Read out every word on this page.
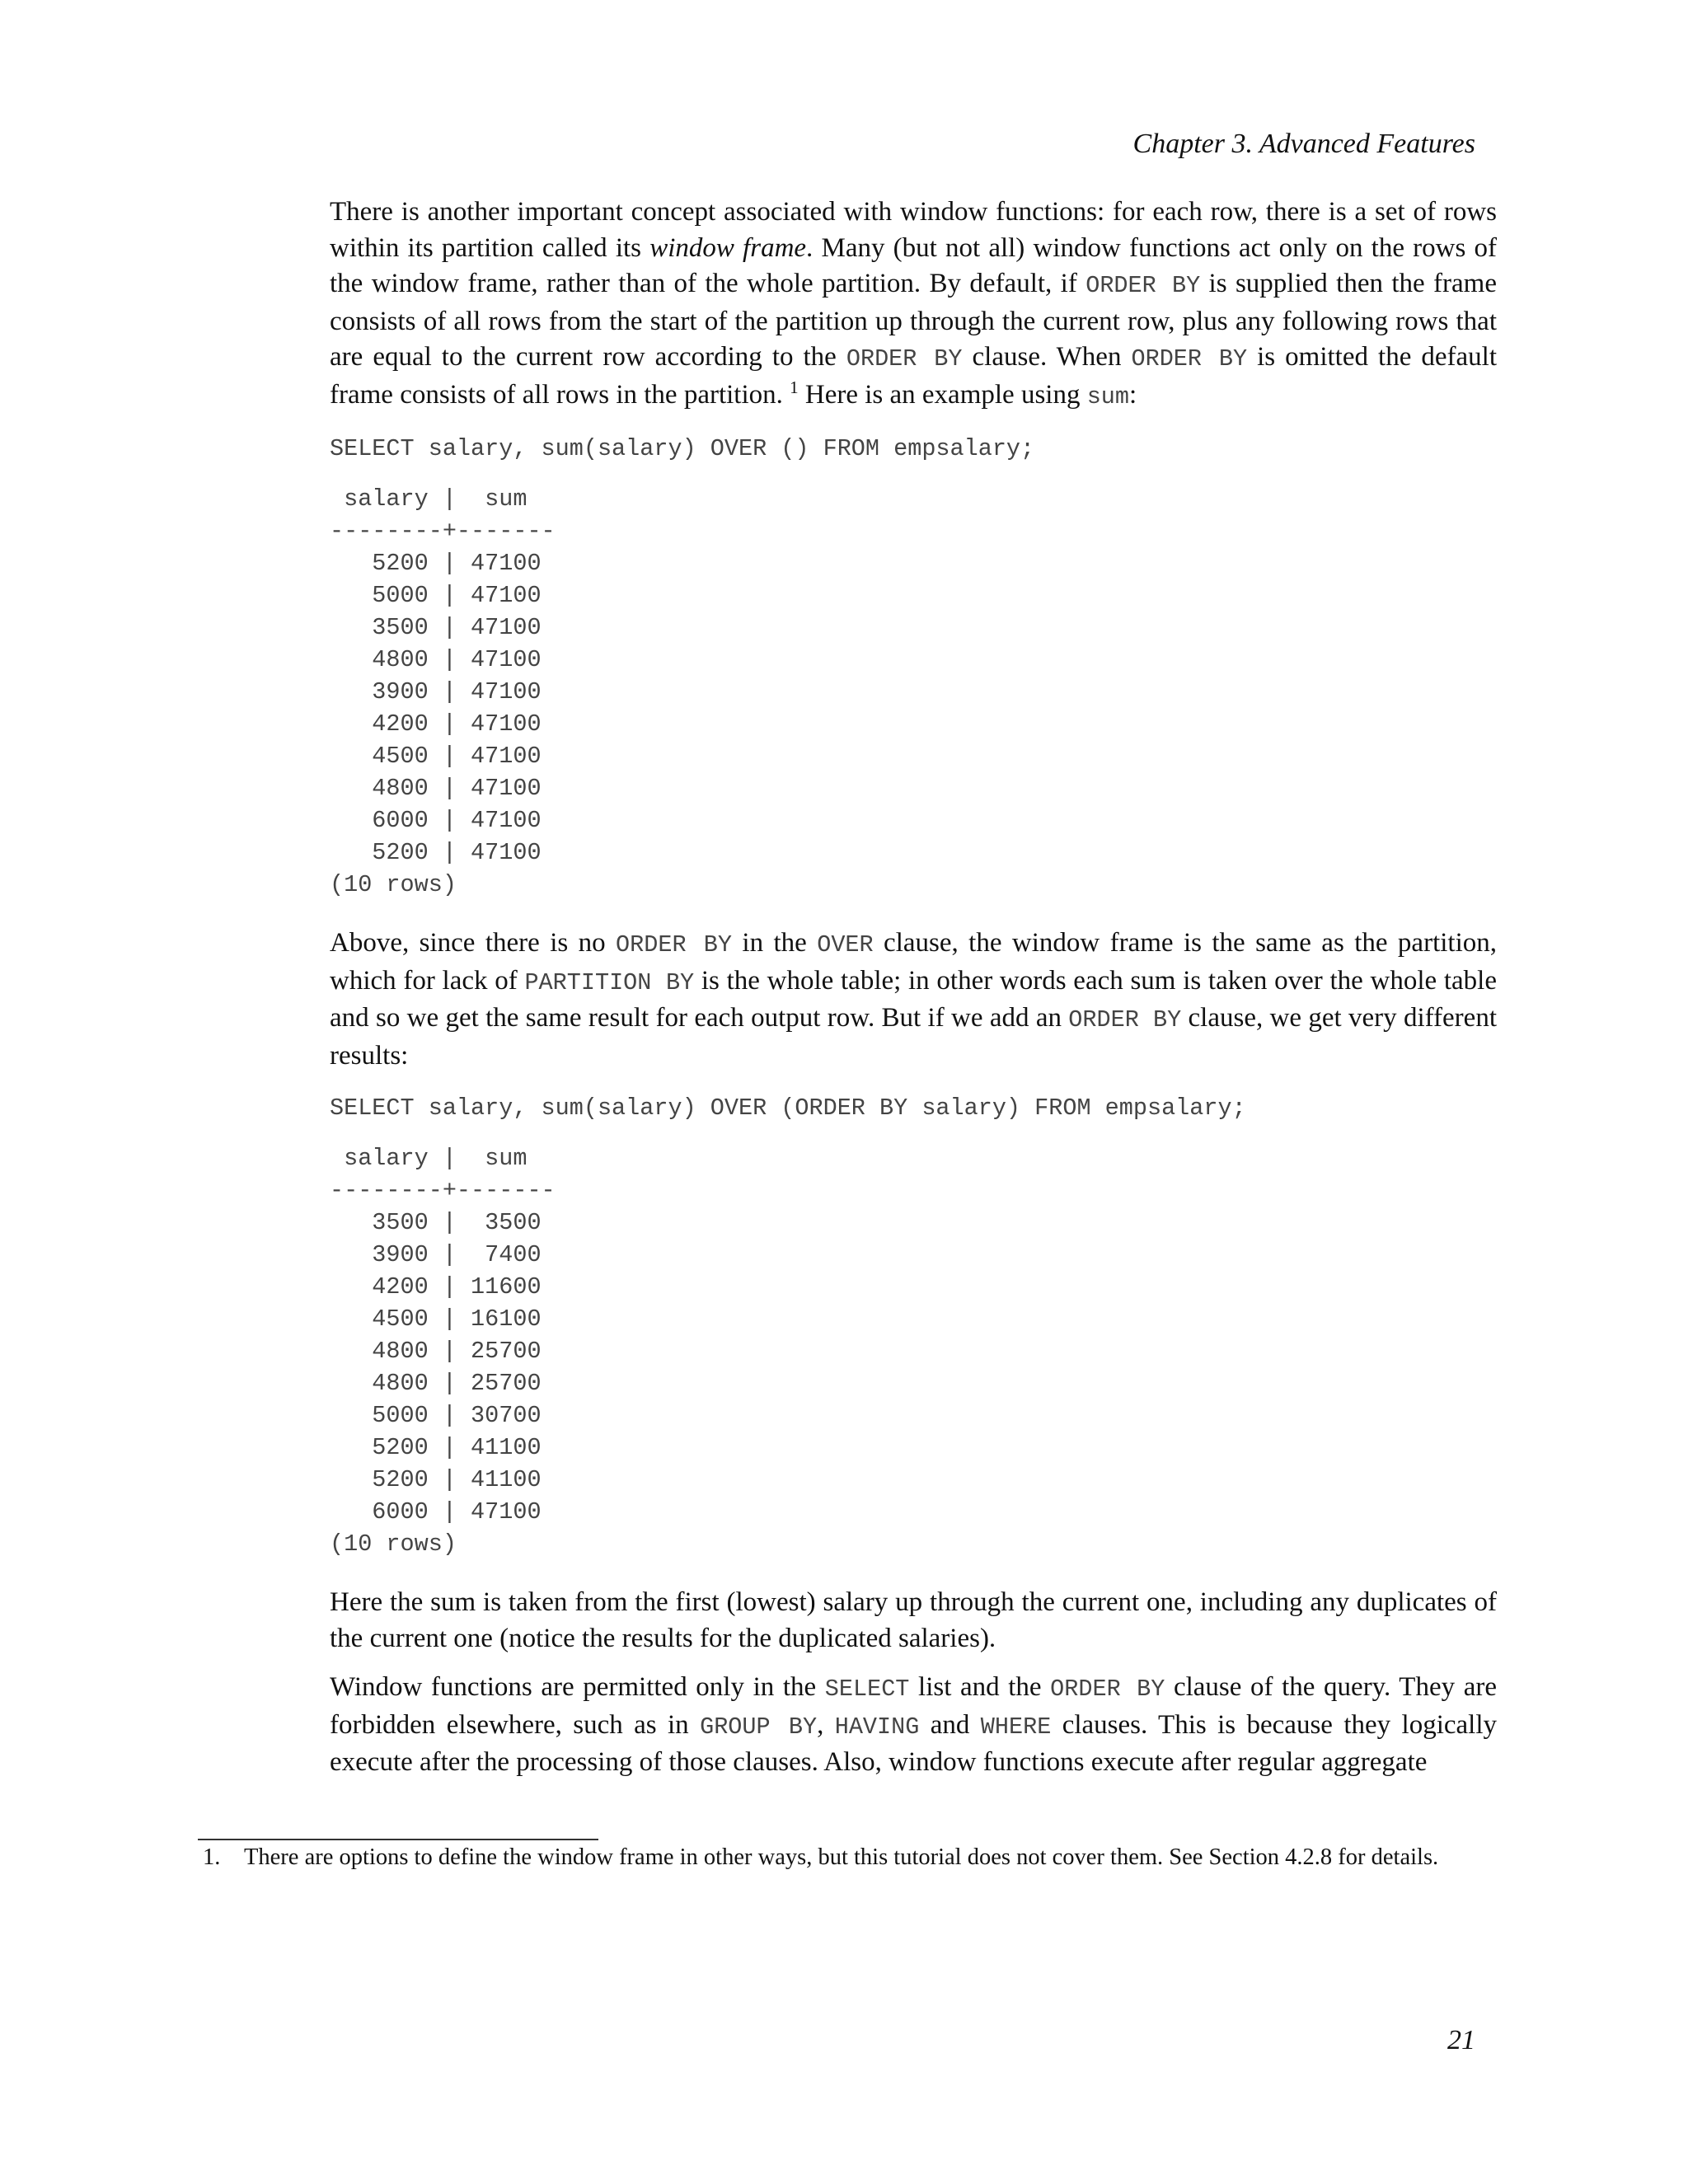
Chapter 3. Advanced Features

There is another important concept associated with window functions: for each row, there is a set of rows within its partition called its window frame. Many (but not all) window functions act only on the rows of the window frame, rather than of the whole partition. By default, if ORDER BY is supplied then the frame consists of all rows from the start of the partition up through the current row, plus any following rows that are equal to the current row according to the ORDER BY clause. When ORDER BY is omitted the default frame consists of all rows in the partition. $^1$ Here is an example using sum:

SELECT salary, sum(salary) OVER () FROM empsalary;
salary |  sum
--------+-------
5200 | 47100
5000 | 47100
3500 | 47100
4800 | 47100
3900 | 47100
4200 | 47100
4500 | 47100
4800 | 47100
6000 | 47100
5200 | 47100
(10 rows)

Above, since there is no ORDER BY in the OVER clause, the window frame is the same as the partition, which for lack of PARTITION BY is the whole table; in other words each sum is taken over the whole table and so we get the same result for each output row. But if we add an ORDER BY clause, we get very different results:

SELECT salary, sum(salary) OVER (ORDER BY salary) FROM empsalary;
salary |  sum
--------+-------
3500 |  3500
3900 |  7400
4200 | 11600
4500 | 16100
4800 | 25700
4800 | 25700
5000 | 30700
5200 | 41100
5200 | 41100
6000 | 47100
(10 rows)

Here the sum is taken from the first (lowest) salary up through the current one, including any duplicates of the current one (notice the results for the duplicated salaries).

Window functions are permitted only in the SELECT list and the ORDER BY clause of the query. They are forbidden elsewhere, such as in GROUP BY, HAVING and WHERE clauses. This is because they logically execute after the processing of those clauses. Also, window functions execute after regular aggregate

1. There are options to define the window frame in other ways, but this tutorial does not cover them. See Section 4.2.8 for details.
21
